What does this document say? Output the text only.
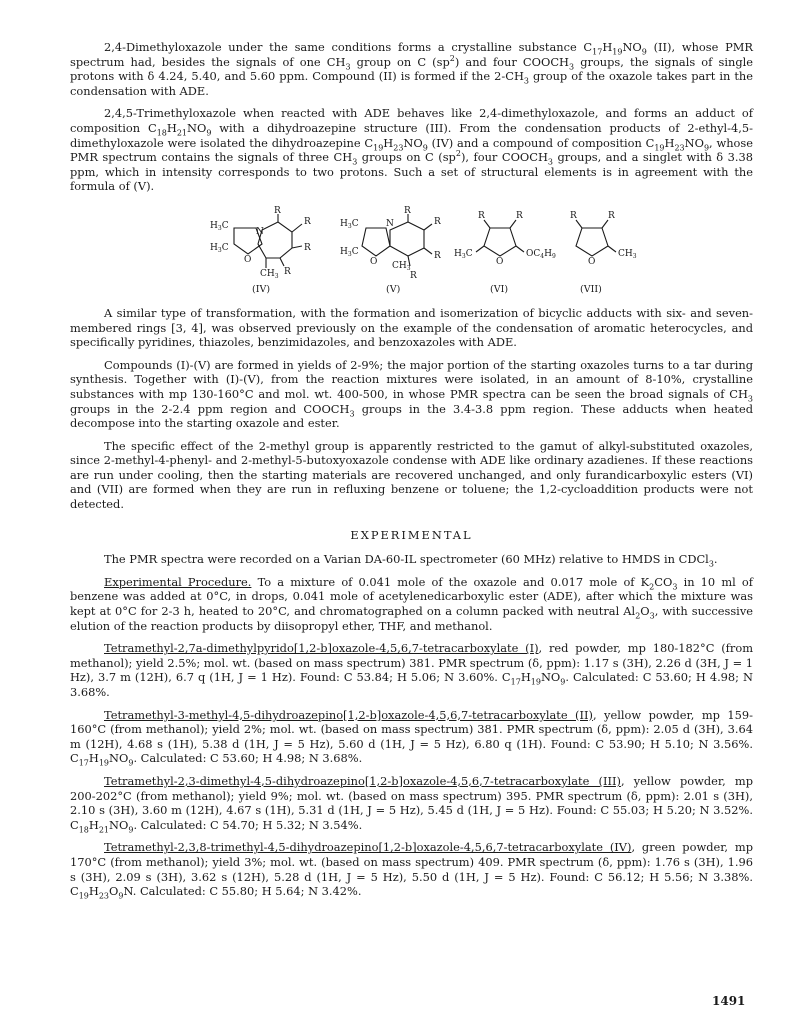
2,4-Dimethyloxazole under the same conditions forms a crystalline substance $C_{17}H_{19}NO_9$ (II), whose PMR spectrum had, besides the signals of one $CH_3$ group on C $(sp^2)$ and four $COOCH_3$ groups, the signals of single protons with δ 4.24, 5.40, and 5.60 ppm. Compound (II) is formed if the $2-CH_3$ group of the oxazole takes part in the condensation with ADE.

2,4,5-Trimethyloxazole when reacted with ADE behaves like 2,4-dimethyloxazole, and forms an adduct of composition $C_{18}H_{21}NO_9$ with a dihydroazepine structure (III). From the condensation products of 2-ethyl-4,5-dimethyloxazole were isolated the dihydroazepine $C_{19}H_{23}NO_9$ (IV) and a compound of composition $C_{19}H_{23}NO_9$, whose PMR spectrum contains the signals of three $CH_3$ groups on C $(sp^2)$, four $COOCH_3$ groups, and a singlet with δ 3.38 ppm, which in intensity corresponds to two protons. Such a set of structural elements is in agreement with the formula of (V).

R
R
R
R
N
O
$H_3C$
$H_3C$
$CH_3$
R
R
R
R
N
O
$H_3C$
$H_3C$
$CH_3$
R	R
O
$H_3C$	$OC_4H_9$
R	R
O
$CH_3$
(IV)	(V)	(VI)	(VII)

A similar type of transformation, with the formation and isomerization of bicyclic adducts with six- and seven-membered rings [3, 4], was observed previously on the example of the condensation of aromatic heterocycles, and specifically pyridines, thiazoles, benzimidazoles, and benzoxazoles with ADE.

Compounds (I)-(V) are formed in yields of 2-9%; the major portion of the starting oxazoles turns to a tar during synthesis. Together with (I)-(V), from the reaction mixtures were isolated, in an amount of 8-10%, crystalline substances with mp 130-160°C and mol. wt. 400-500, in whose PMR spectra can be seen the broad signals of $CH_3$ groups in the 2-2.4 ppm region and $COOCH_3$ groups in the 3.4-3.8 ppm region. These adducts when heated decompose into the starting oxazole and ester.

The specific effect of the 2-methyl group is apparently restricted to the gamut of alkyl-substituted oxazoles, since 2-methyl-4-phenyl- and 2-methyl-5-butoxyoxazole condense with ADE like ordinary azadienes. If these reactions are run under cooling, then the starting materials are recovered unchanged, and only furandicarboxylic esters (VI) and (VII) are formed when they are run in refluxing benzene or toluene; the 1,2-cycloaddition products were not detected.

EXPERIMENTAL

The PMR spectra were recorded on a Varian DA-60-IL spectrometer (60 MHz) relative to HMDS in CDCl$_3$.

Experimental Procedure. To a mixture of 0.041 mole of the oxazole and 0.017 mole of $K_2CO_3$ in 10 ml of benzene was added at 0°C, in drops, 0.041 mole of acetylenedicarboxylic ester (ADE), after which the mixture was kept at 0°C for 2-3 h, heated to 20°C, and chromatographed on a column packed with neutral $Al_2O_3$, with successive elution of the reaction products by diisopropyl ether, THF, and methanol.

Tetramethyl-2,7a-dimethylpyrido[1,2-b]oxazole-4,5,6,7-tetracarboxylate (I), red powder, mp 180-182°C (from methanol); yield 2.5%; mol. wt. (based on mass spectrum) 381. PMR spectrum (δ, ppm): 1.17 s (3H), 2.26 d (3H, J = 1 Hz), 3.7 m (12H), 6.7 q (1H, J = 1 Hz). Found: C 53.84; H 5.06; N 3.60%. $C_{17}H_{19}NO_9$. Calculated: C 53.60; H 4.98; N 3.68%.

Tetramethyl-3-methyl-4,5-dihydroazepino[1,2-b]oxazole-4,5,6,7-tetracarboxylate (II), yellow powder, mp 159-160°C (from methanol); yield 2%; mol. wt. (based on mass spectrum) 381. PMR spectrum (δ, ppm): 2.05 d (3H), 3.64 m (12H), 4.68 s (1H), 5.38 d (1H, J = 5 Hz), 5.60 d (1H, J = 5 Hz), 6.80 q (1H). Found: C 53.90; H 5.10; N 3.56%. $C_{17}H_{19}NO_9$. Calculated: C 53.60; H 4.98; N 3.68%.

Tetramethyl-2,3-dimethyl-4,5-dihydroazepino[1,2-b]oxazole-4,5,6,7-tetracarboxylate (III), yellow powder, mp 200-202°C (from methanol); yield 9%; mol. wt. (based on mass spectrum) 395. PMR spectrum (δ, ppm): 2.01 s (3H), 2.10 s (3H), 3.60 m (12H), 4.67 s (1H), 5.31 d (1H, J = 5 Hz), 5.45 d (1H, J = 5 Hz). Found: C 55.03; H 5.20; N 3.52%. $C_{18}H_{21}NO_9$. Calculated: C 54.70; H 5.32; N 3.54%.

Tetramethyl-2,3,8-trimethyl-4,5-dihydroazepino[1,2-b]oxazole-4,5,6,7-tetracarboxylate (IV), green powder, mp 170°C (from methanol); yield 3%; mol. wt. (based on mass spectrum) 409. PMR spectrum (δ, ppm): 1.76 s (3H), 1.96 s (3H), 2.09 s (3H), 3.62 s (12H), 5.28 d (1H, J = 5 Hz), 5.50 d (1H, J = 5 Hz). Found: C 56.12; H 5.56; N 3.38%. $C_{19}H_{23}O_9N$. Calculated: C 55.80; H 5.64; N 3.42%.

1491
